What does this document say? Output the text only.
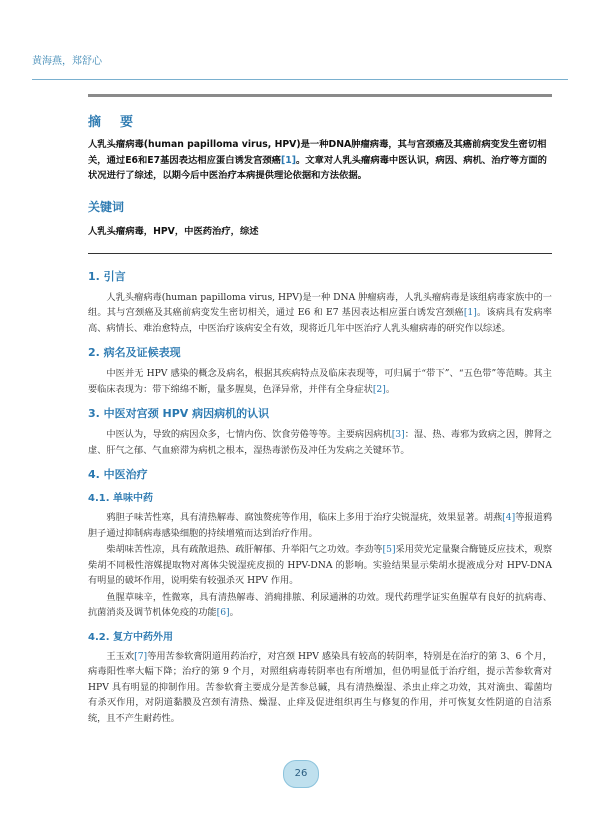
黄海燕，郑舒心
摘　要

人乳头瘤病毒(human papilloma virus, HPV)是一种DNA肿瘤病毒，其与宫颈癌及其癌前病变发生密切相关，通过E6和E7基因表达相应蛋白诱发宫颈癌[1]。文章对人乳头瘤病毒中医认识，病因、病机、治疗等方面的状况进行了综述，以期今后中医治疗本病提供理论依据和方法依据。

关键词

人乳头瘤病毒，HPV，中医药治疗，综述

1. 引言

人乳头瘤病毒(human papilloma virus, HPV)是一种 DNA 肿瘤病毒，人乳头瘤病毒是该组病毒家族中的一组。其与宫颈癌及其癌前病变发生密切相关，通过 E6 和 E7 基因表达相应蛋白诱发宫颈癌[1]。该病具有发病率高、病情长、难治愈特点，中医治疗该病安全有效，现将近几年中医治疗人乳头瘤病毒的研究作以综述。

2. 病名及证候表现

中医并无 HPV 感染的概念及病名，根据其疾病特点及临床表现等，可归属于“带下”、“五色带”等范畴。其主要临床表现为：带下绵绵不断，量多腥臭，色泽异常，并伴有全身症状[2]。

3. 中医对宫颈 HPV 病因病机的认识

中医认为，导致的病因众多，七情内伤、饮食劳倦等等。主要病因病机[3]：湿、热、毒邪为致病之因，脾肾之虚、肝气之郁、气血瘀滞为病机之根本，湿热毒淤伤及冲任为发病之关键环节。

4. 中医治疗
4.1. 单味中药

鸦胆子味苦性寒，具有清热解毒、腐蚀赘疣等作用，临床上多用于治疗尖锐湿疣，效果显著。胡燕[4]等报道鸦胆子通过抑制病毒感染细胞的持续增殖而达到治疗作用。

柴胡味苦性凉，具有疏散退热、疏肝解郁、升举阳气之功效。李劲等[5]采用荧光定量聚合酶链反应技术，观察柴胡不同极性溶媒提取物对离体尖锐湿疣皮损的 HPV-DNA 的影响。实验结果显示柴胡水提液成分对 HPV-DNA 有明显的破坏作用，说明柴有较强杀灭 HPV 作用。

鱼腥草味辛，性微寒，具有清热解毒、消痈排脓、利尿通淋的功效。现代药理学证实鱼腥草有良好的抗病毒、抗菌消炎及调节机体免疫的功能[6]。

4.2. 复方中药外用

王玉欢[7]等用苦参软膏阴道用药治疗，对宫颈 HPV 感染具有较高的转阴率，特别是在治疗的第 3、6 个月，病毒阳性率大幅下降；治疗的第 9 个月，对照组病毒转阴率也有所增加，但仍明显低于治疗组，提示苦参软膏对 HPV 具有明显的抑制作用。苦参软膏主要成分是苦参总碱，具有清热燥湿、杀虫止痒之功效，其对滴虫、霉菌均有杀灭作用，对阴道黏膜及宫颈有清热、燥湿、止痒及促进组织再生与修复的作用，并可恢复女性阴道的自洁系统，且不产生耐药性。

26
